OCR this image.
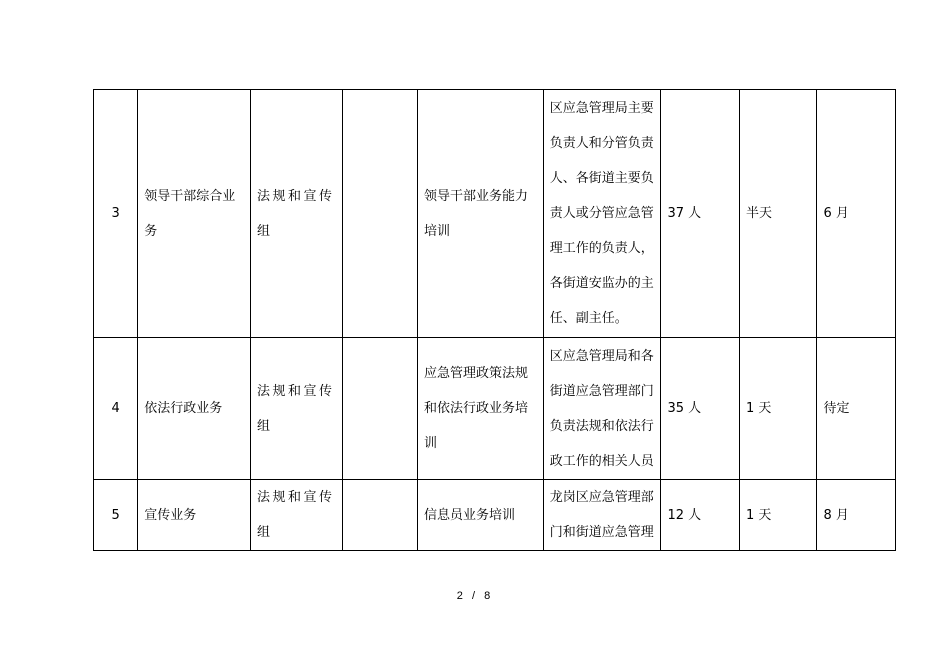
3	领导干部综合业务	法规和宣传组		领导干部业务能力培训	区应急管理局主要负责人和分管负责人、各街道主要负责人或分管应急管理工作的负责人，各街道安监办的主任、副主任。	37 人	半天	6 月
4	依法行政业务	法规和宣传组		应急管理政策法规和依法行政业务培训	区应急管理局和各街道应急管理部门负责法规和依法行政工作的相关人员	35 人	1 天	待定
5	宣传业务	法规和宣传组		信息员业务培训	龙岗区应急管理部门和街道应急管理	12 人	1 天	8 月
2 / 8
